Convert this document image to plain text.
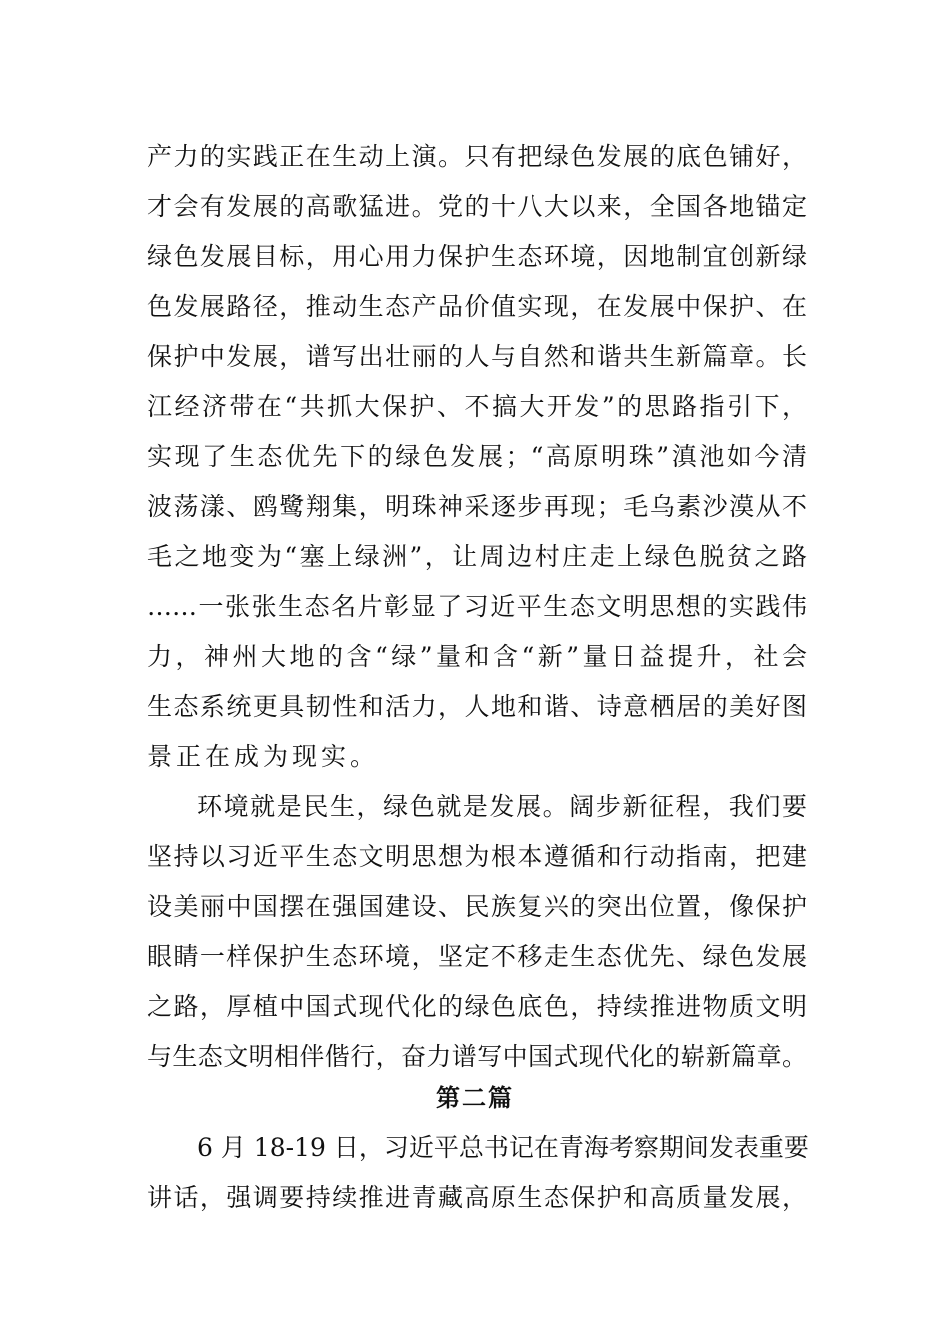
产力的实践正在生动上演。只有把绿色发展的底色铺好，
才会有发展的高歌猛进。党的十八大以来，全国各地锚定
绿色发展目标，用心用力保护生态环境，因地制宜创新绿
色发展路径，推动生态产品价值实现，在发展中保护、在
保护中发展，谱写出壮丽的人与自然和谐共生新篇章。长
江经济带在“共抓大保护、不搞大开发”的思路指引下，
实现了生态优先下的绿色发展；“高原明珠”滇池如今清
波荡漾、鸥鹭翔集，明珠神采逐步再现；毛乌素沙漠从不
毛之地变为“塞上绿洲”，让周边村庄走上绿色脱贫之路
……一张张生态名片彰显了习近平生态文明思想的实践伟
力，神州大地的含“绿”量和含“新”量日益提升，社会
生态系统更具韧性和活力，人地和谐、诗意栖居的美好图
景正在成为现实。
环境就是民生，绿色就是发展。阔步新征程，我们要
坚持以习近平生态文明思想为根本遵循和行动指南，把建
设美丽中国摆在强国建设、民族复兴的突出位置，像保护
眼睛一样保护生态环境，坚定不移走生态优先、绿色发展
之路，厚植中国式现代化的绿色底色，持续推进物质文明
与生态文明相伴偕行，奋力谱写中国式现代化的崭新篇章。
第二篇
6 月 18-19 日，习近平总书记在青海考察期间发表重要
讲话，强调要持续推进青藏高原生态保护和高质量发展，
